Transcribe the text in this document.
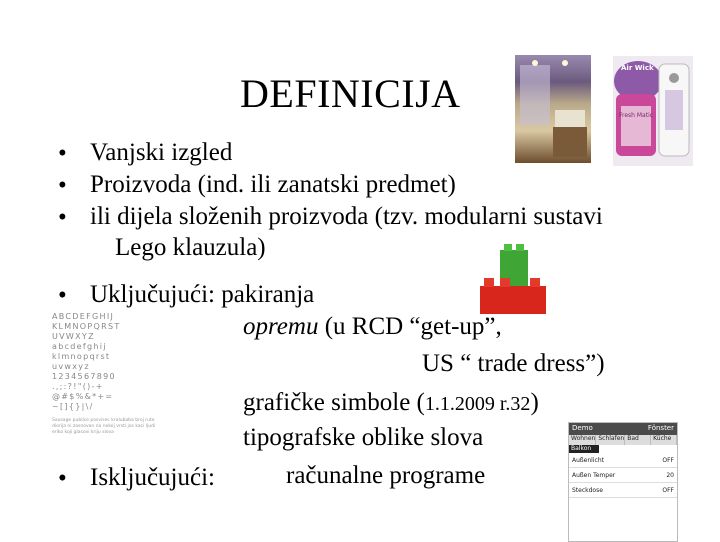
DEFINICIJA
Air Wick
Fresh Matic
• Vanjski izgled
• Proizvoda (ind. ili zanatski predmet)
• ili dijela složenih proizvoda (tzv. modularni sustavi
Lego klauzula)
• Uključujući: pakiranja
ABCDEFGHIJ
KLMNOPQRST
UVWXYZ
abcdefghij
klmnopqrst
uvwxyz
1234567890
.,;:?!"()-+
@#$%&*+=
~[]{}|\/
Sausage pubilce posvisec kralubaba broj rute diorija ni zasnovan na nekoj vrsti jos kaci ljudi eriko koji glasovi kriju slova
opremu (u RCD “get-up”,
US “ trade dress”)
grafičke simbole (1.1.2009 r.32)
tipografske oblike slova
• Isključujući:	računalne programe
Demo	Fönster
Wohnen Schlafen Bad	Küche
Balkon
Außenlicht	OFF
Außen Temper	20
Steckdose	OFF
